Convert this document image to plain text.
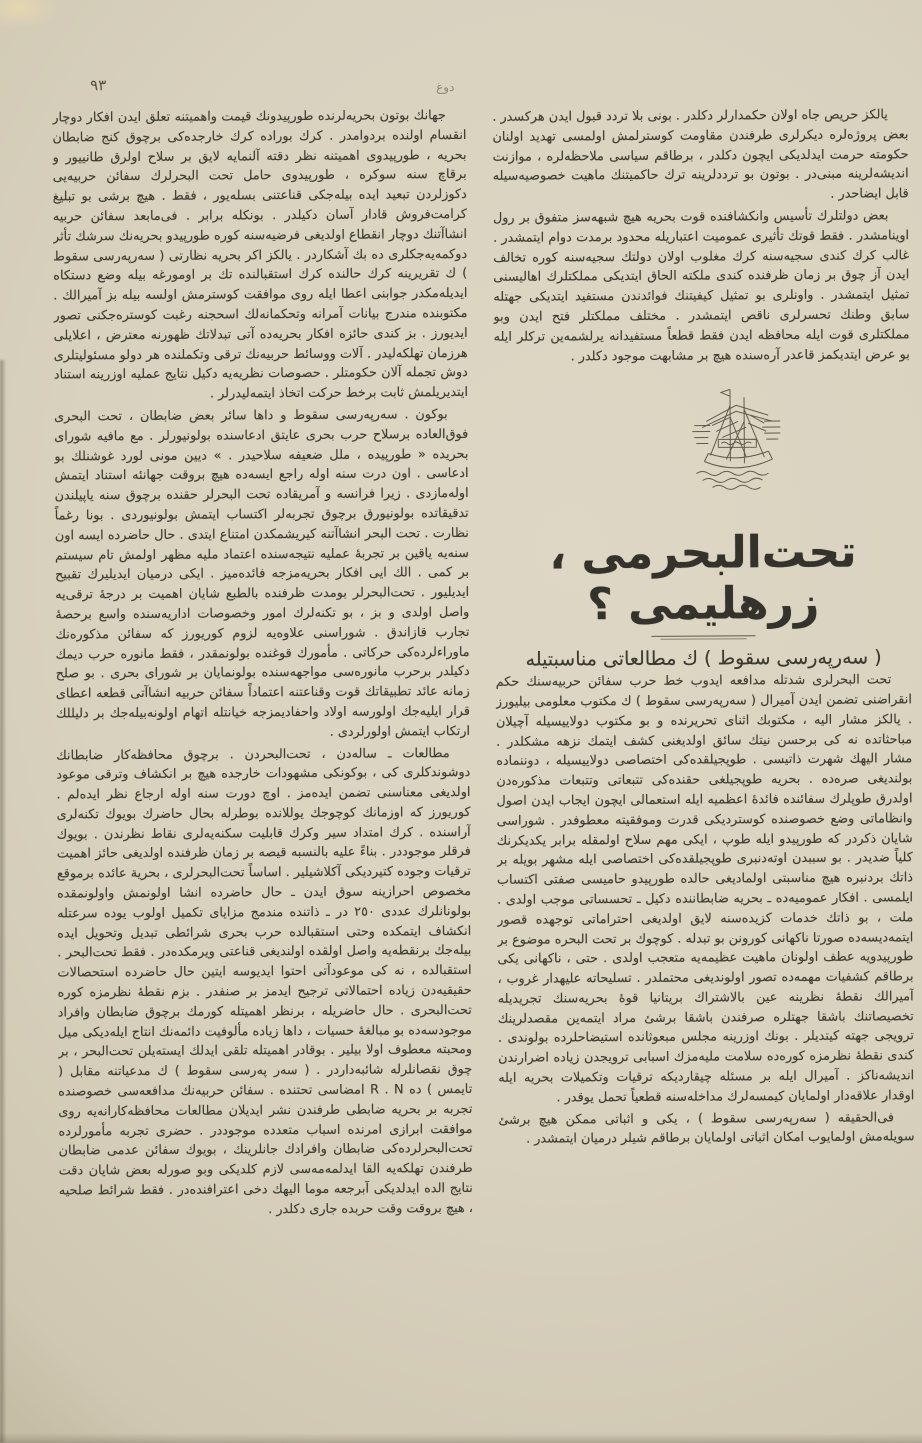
٩٣	دوغ

جهانك بوتون بحریه‌لرنده طورپیدونك قیمت واهمیتنه تعلق ایدن افكار دوچار انقسام اولنده بردوامدر . كرك بوراده كرك خارجده‌كی برچوق كنج ضابطان بحریه ، طورپیدوی اهمیتنه نظر دقته آلنمایه لایق بر سلاح اولرق طانییور و برقاچ سنه سوكره ، طورپیدوی حامل تحت البحرلرك سفائن حربیه‌یی دكوزلردن تبعید ایده بیله‌جكی قناعتنی بسله‌یور ، فقط . هیچ برشی بو تبلیغ كرامت‌فروش قادار آسان دكیلدر . بونكله برابر . فی‌مابعد سفائن حربیه انشاآتنك دوچار انقطاع اولدیغی فرضیه‌سنه كوره طورپیدو بحریه‌نك سرشك تأثر دوكمه‌یه‌جكلری ده بك آشكاردر . یالكز اكر بحریه نظارتی ( سه‌رپه‌رسی سقوط ) ك تقریرینه كرك حالنده كرك استقبالنده تك بر اومورغه بیله وضع دستكاه ایدیله‌مكدر جوابنی اعطا ایله روی موافقت كوسترمش اولسه بیله بز آمیرالك . مكتوبنده مندرج بیانات آمرانه وتحكمانه‌لك اسحجنه رغبت كوستره‌جكنی تصور ایدیورز . بز كندی حائزه افكار بحریه‌ده آتی تبدلاتك ظهورنه معترض ، اعلایلی هرزمان تهلكه‌لیدر . آلات ووسائط حربیه‌نك ترقی وتكملنده هر دولو مسئولیتلری دوش تجمله آلان حكومتلر . حصوصات نظریه‌یه دكیل نتایج عملیه اوزرینه استناد ایتدیریلمش ثابت برخط حركت اتخاذ ایتمه‌لیدرلر .

بوكون . سه‌رپه‌رسی سقوط و داها سائر بعض ضابطان ، تحت البحری فوق‌العاده برسلاح حرب بحری عایتق ادعاسنده بولونیورلر . مع مافیه شورای بحریده « طورپیده ، ملل ضعیفه سلاحیدر . » دیین مونی لورد غوشنلك بو ادعاسی . اون درت سنه اوله راجع ایسه‌ده هیچ بروقت جهانئه استناد ایتمش اوله‌مازدی . زیرا فرانسه و آمریقاده تحت البحرلر حقنده برچوق سنه یاپیلندن تدقیقاتده بولونیورق برچوق تجربه‌لر اكتساب ایتمش بولونیوردی . بونا رغماً نظارت . تحت البحر انشاآتنه كیریشمكدن امتناع ایتدی . حال حاضرده ایسه اون سنه‌یه یاقین بر تجربهٔ عملیه نتیجه‌سنده اعتماد ملیه مظهر اولمش تام سیستم بر كمی . الك ایی افكار بحریه‌مزجه فائده‌میز . ایكی درمیان ایدیلیرك تقبیح ایدیلیور . تحت‌البحرلر بومدت ظرفنده بالطبع شایان اهمیت بر درجهٔ ترقی‌یه واصل اولدی و بز ، بو تكنه‌لرك امور وخصوصات اداریه‌سنده واسع برحصهٔ تجارب قازاندق . شوراسنی علاوه‌یه لزوم كوریورز كه سفائن مذكوره‌نك ماوراءلرده‌كی حركاتی . مأمورك قوغنده بولونمقدر ، فقط مانوره حرب دیمك دكیلدر برحرب مانوره‌سی مواجهه‌سنده بولونمایان بر شورای بحری . بو صلح زمانه عائد تطبیقاتك قوت وقناعتنه اعتماداً سفائن حربیه انشاآتی قطعه اعطای قرار ایلیه‌جك اولورسه اولاد واحفادیمزجه خیانتله اتهام اولونه‌بیله‌جك بر دلیللك ارتكاب ایتمش اولورلردی .

مطالعات ـ ساله‌دن ، تحت‌البحردن . برچوق محافظه‌كار ضابطانك دوشوندكلری كی ، بوكونكی مشهودات خارجده هیچ بر انكشاف وترقی موعود اولدیغی معناسنی تضمن ایده‌مز . اوچ دورت سنه اوله ارجاع نظر ایده‌لم . كوریورز كه اوزمانك كوچوجك یوللانده بوطرله بحال حاضرك بویوك تكنه‌لری آراسنده . كرك امتداد سیر وكرك قابلیت سكنه‌یه‌لری نقاط نظرندن . بویوك فرقلر موجوددر . بناءً علیه بالنسبه قیصه بر زمان ظرفنده اولدیغی حائز اهمیت ترقیات وجوده كتیردیكی آكلاشیلیر . اساساً تحت‌البحرلری ، بحریة عائده برموقع مخصوص احرازینه سوق ایدن ـ حال حاضرده انشا اولونمش واولونمقده بولونانلرك عددی ٢٥٠ در ـ ذاتنده مندمج مزایای تكمیل اولوب یوده سرعتله انكشاف ایتمكده وحتی استقبالده حرب بحری شرائطی تبدیل وتحویل ایده بیله‌جك برنقطه‌یه واصل اولقده اولندیغی قناعتی ویرمكده‌در . فقط تحت‌البحر . استقبالده ، نه كی موعودآتی احتوا ایدیوسه ایتین حال حاضرده استحصالات حقیقیه‌دن زیاده احتمالاتی ترجیح ایدمز بر صنفدر . بزم نقطهٔ نظرمزه كوره تحت‌البحری . حال حاضریله ، برنظر اهمیتله كورمك برچوق ضابطان وافراد موجودسه‌ده بو مبالغهٔ حسیات ، داها زیاده مألوفیت دائمه‌نك انتاج ایله‌دیكی میل ومحبته معطوف اولا بیلیر . بوقادر اهمیتله تلقی ایدلك ایسته‌یلن تحت‌البحر ، بر چوق نقصانلرله شائبه‌داردر . ( سه‌ر په‌رسی سقوط ) ك مدعیاتنه مقابل ( تایمس ) ده R . N امضاسی تحتنده . سفائن حربیه‌نك مدافعه‌سی خصوصنده تجربه بر بحریه ضابطی طرفندن نشر ایدیلان مطالعات محافظه‌كارانه‌یه روی موافقت ابرازی امرنده اسباب متعدده موجوددر . حضری تجربه مأمورلرده تحت‌البحرلرده‌كی ضابطان وافرادك جانلرینك ، بویوك سفائن عدمی ضابطان طرفندن تهلكه‌یه القا ایدلمه‌مه‌سی لازم كلدیكی وبو صورله بعض شایان دقت نتایج الده ایدلدیكی آبرجعه موما الیهك دخی اعترافنده‌در . فقط شرائط صلحیه ، هیچ بروقت وقت حربده جاری دكلدر .

یالكز حریص جاه اولان حكمدارلر دكلدر . بونی بلا تردد قبول ایدن هركسدر . بعض پروژه‌لره دیكرلری طرفندن مقاومت كوسترلمش اولمسی تهدید اولنان حكومته حرمت ایدلدیكی ایچون دكلدر ، برطاقم سیاسی ملاحظه‌لره ، موازنت اندیشه‌لرینه مبنی‌در . بوتون بو ترددلرینه ترك حاكمیتنك ماهیت خصوصیه‌سیله قابل ایضاحدر .

بعض دولتلرك تأسیس وانكشافنده قوت بحریه هیچ شبهه‌سز متفوق بر رول اوینامشدر . فقط قوتك تأثیری عمومیت اعتباریله محدود برمدت دوام ایتمشدر . غالب كرك كندی سجیه‌سنه كرك مغلوب اولان دولتك سجیه‌سنه كوره تخالف ایدن آز چوق بر زمان ظرفنده كندی ملكته الحاق ایتدیكی مملكتلرك اهالیسنی تمثیل ایتمشدر . واونلری بو تمثیل كیفیتنك فوائدندن مستفید ایتدیكی جهتله سابق وطنك تحسرلری ناقص ایتمشدر . مختلف مملكتلر فتح ایدن وبو مملكتلری قوت ایله محافظه ایدن فقط قطعاً مستفیدانه یرلشمه‌ین تركلر ایله بو عرض ایتدیكمز قاعدر آره‌سنده هیچ بر مشابهت موجود دكلدر .

تحت‌البحرمی ، زرهلیمی ؟

( سه‌رپه‌رسی سقوط ) ك مطالعاتی مناسبتیله

تحت البحرلری شدتله مدافعه ایدوب خط حرب سفائن حربیه‌سنك حكم انقراضنی تضمن ایدن آمیرال ( سه‌رپه‌رسی سقوط ) ك مكتوب معلومی بیلیورز . یالكز مشار الیه ، مكتوبك اثنای تحریرنده و بو مكتوب دولاییسیله آچیلان مباحثاتده نه كی برحسن نیتك سائق اولدیغنی كشف ایتمك نزهه مشكلدر . مشار الیهك شهرت ذاتیسی . طوپجیلقده‌كی اختصاصی دولاییسیله ، دوننماده بولندیغی صره‌ده . بحریه طوپجیلغی حقنده‌كی تتبعاتی وتتبعات مذكوره‌دن اولدرق طوپلرك سفائنده فائدهٔ اعظمیه ایله استعمالی ایچون ایجاب ایدن اصول وانظاماتی وضع خصوصنده كوستردیكی قدرت وموفقیته معطوفدر . شوراسی شایان ذكردر كه طورپیدو ایله طوپ ، ایكی مهم سلاح اولمقله برابر یكدیكرنك كلیاً ضدیدر . بو سببدن اوته‌دنبری طوپجیلقده‌كی اختصاصی ایله مشهر بویله بر ذاتك بردنبره هیچ مناسبتی اولمادیغی حالده طورپیدو حامیسی صفتی اكتساب ایلمسی . افكار عمومیه‌ده ـ بحریه ضابطاننده دكیل ـ تحسساتی موجب اولدی . ملت ، بو ذاتك خدمات كزیده‌سنه لایق اولدیغی احتراماتی توجهده قصور ایتمه‌دیسه‌ده صورتا ناكهانی كورونن بو تبدله . كوچوك بر تحت البحره موضوع بر طورپیدویه عطف اولونان ماهیت عظیمه‌یه متعجب اولدی . حتی ، ناكهانی یكی برطاقم كشفیات مهمه‌ده تصور اولوندیغی محتملدر . تسلیحاته علیهدار غروب ، آمیرالك نقطهٔ نظرینه عین بالاشتراك بریتانیا قوهٔ بحریه‌سنك تجریدیله تخصیصاتنك باشقا جهتلره صرفندن باشقا برشئ مراد ایتمه‌ین مقصدلرینك ترویجی جهته كیتدیلر . بونك اوزرینه مجلس مبعوثانده استیضاحلرده بولوندی . كندی نقطهٔ نظرمزه كوره‌ده سلامت ملیه‌مزك اسبابی ترویجدن زیاده اضرارندن اندیشه‌ناكز . آمیرال ایله بر مسئله چیقاردیكه ترقیات وتكمیلات بحریه ایله اوقدار علاقه‌دار اولمایان كیمسه‌لرك مداخله‌سنه قطعیاً تحمل یوقدر .

فی‌الحقیقه ( سه‌رپه‌رسی سقوط ) ، یكی و اثباتی ممكن هیچ برشئ سویله‌مش اولمایوب امكان اثباتی اولمایان برطاقم شیلر درمیان ایتمشدر .
